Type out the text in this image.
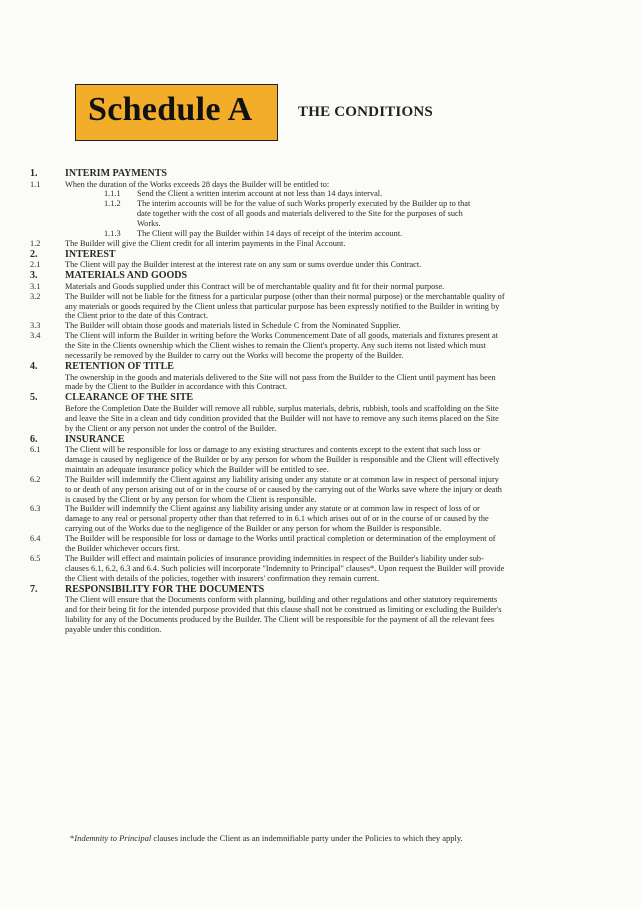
Schedule A	THE CONDITIONS
1.	INTERIM PAYMENTS
1.1	When the duration of the Works exceeds 28 days the Builder will be entitled to:
1.1.1	Send the Client a written interim account at not less than 14 days interval.
1.1.2	The interim accounts will be for the value of such Works properly executed by the Builder up to that date together with the cost of all goods and materials delivered to the Site for the purposes of such Works.
1.1.3	The Client will pay the Builder within 14 days of receipt of the interim account.
1.2	The Builder will give the Client credit for all interim payments in the Final Account.
2.	INTEREST
2.1	The Client will pay the Builder interest at the interest rate on any sum or sums overdue under this Contract.
3.	MATERIALS AND GOODS
3.1	Materials and Goods supplied under this Contract will be of merchantable quality and fit for their normal purpose.
3.2	The Builder will not be liable for the fitness for a particular purpose (other than their normal purpose) or the merchantable quality of any materials or goods required by the Client unless that particular purpose has been expressly notified to the Builder in writing by the Client prior to the date of this Contract.
3.3	The Builder will obtain those goods and materials listed in Schedule C from the Nominated Supplier.
3.4	The Client will inform the Builder in writing before the Works Commencement Date of all goods, materials and fixtures present at the Site in the Clients ownership which the Client wishes to remain the Client's property. Any such items not listed which must necessarily be removed by the Builder to carry out the Works will become the property of the Builder.
4.	RETENTION OF TITLE
The ownership in the goods and materials delivered to the Site will not pass from the Builder to the Client until payment has been made by the Client to the Builder in accordance with this Contract.
5.	CLEARANCE OF THE SITE
Before the Completion Date the Builder will remove all rubble, surplus materials, debris, rubbish, tools and scaffolding on the Site and leave the Site in a clean and tidy condition provided that the Builder will not have to remove any such items placed on the Site by the Client or any person not under the control of the Builder.
6.	INSURANCE
6.1	The Client will be responsible for loss or damage to any existing structures and contents except to the extent that such loss or damage is caused by negligence of the Builder or by any person for whom the Builder is responsible and the Client will effectively maintain an adequate insurance policy which the Builder will be entitled to see.
6.2	The Builder will indemnify the Client against any liability arising under any statute or at common law in respect of personal injury to or death of any person arising out of or in the course of or caused by the carrying out of the Works save where the injury or death is caused by the Client or by any person for whom the Client is responsible.
6.3	The Builder will indemnify the Client against any liability arising under any statute or at common law in respect of loss of or damage to any real or personal property other than that referred to in 6.1 which arises out of or in the course of or caused by the carrying out of the Works due to the negligence of the Builder or any person for whom the Builder is responsible.
6.4	The Builder will be responsible for loss or damage to the Works until practical completion or determination of the employment of the Builder whichever occurs first.
6.5	The Builder will effect and maintain policies of insurance providing indemnities in respect of the Builder's liability under sub-clauses 6.1, 6.2, 6.3 and 6.4. Such policies will incorporate "Indemnity to Principal" clauses*. Upon request the Builder will provide the Client with details of the policies, together with insurers' confirmation they remain current.
7.	RESPONSIBILITY FOR THE DOCUMENTS
The Client will ensure that the Documents conform with planning, building and other regulations and other statutory requirements and for their being fit for the intended purpose provided that this clause shall not be construed as limiting or excluding the Builder's liability for any of the Documents produced by the Builder. The Client will be responsible for the payment of all the relevant fees payable under this condition.
*Indemnity to Principal clauses include the Client as an indemnifiable party under the Policies to which they apply.
